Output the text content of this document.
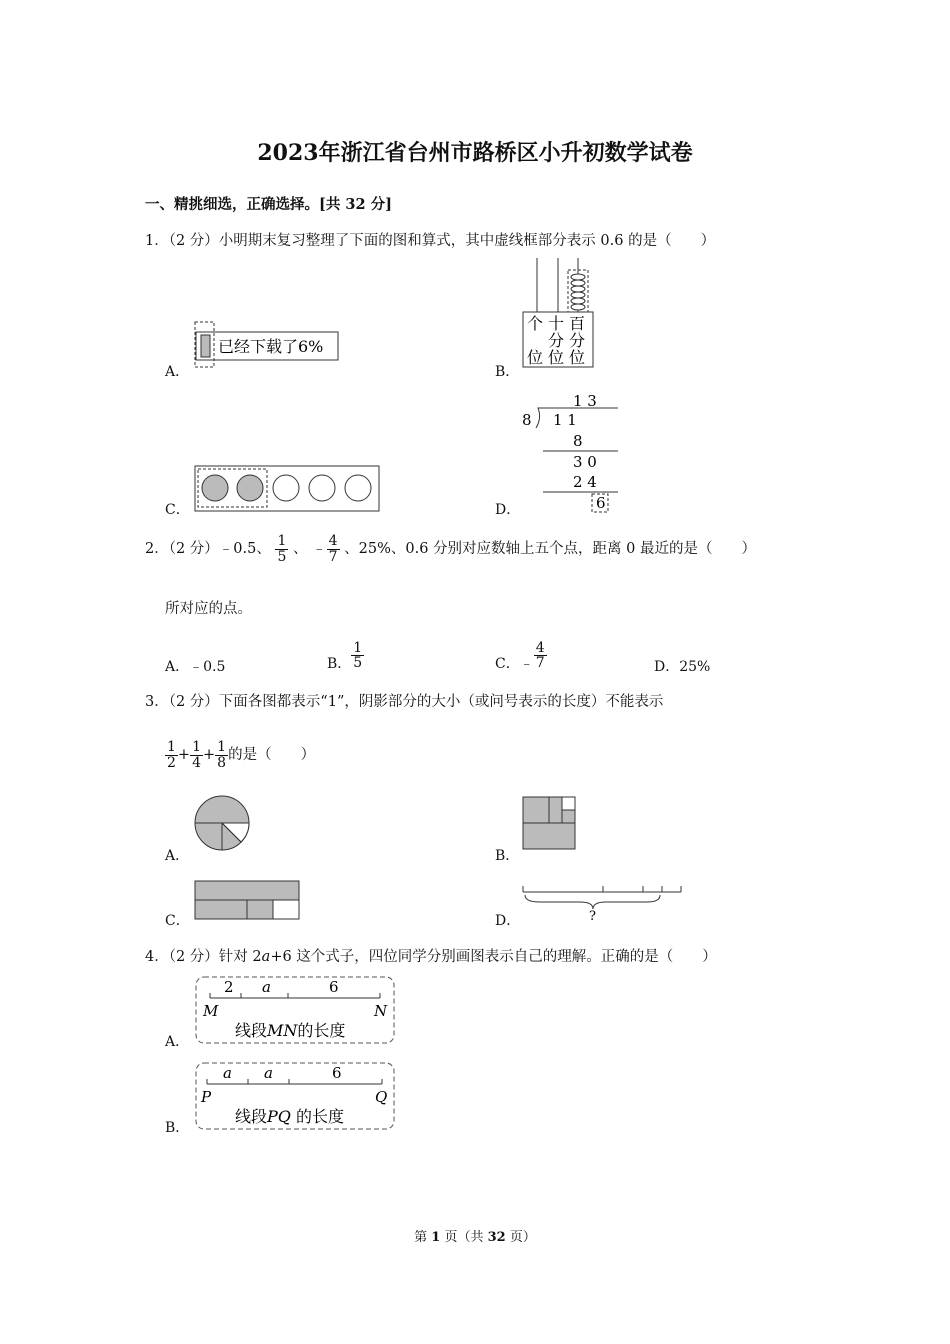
2023年浙江省台州市路桥区小升初数学试卷
一、精挑细选，正确选择。[共 32 分]
1．（2 分）小明期末复习整理了下面的图和算式，其中虚线框部分表示 0.6 的是（　　）
A．
已经下载了6%
B．
个
位
十
分
位
百
分
位
C．	D．
8
1 3
1 1
8
3 0
2 4
6
2．（2 分）﹣0.5、 $\frac{1}{5}$ 、 ﹣ $\frac{4}{7}$ 、25%、0.6 分别对应数轴上五个点，距离 0 最近的是（　　）
所对应的点。
A．﹣0.5	B． $\frac{1}{5}$	C．﹣ $\frac{4}{7}$	D．25%
3．（2 分）下面各图都表示“1”，阴影部分的大小（或问号表示的长度）不能表示
$\frac{1}{2} + \frac{1}{4} + \frac{1}{8}$ 的是（　　）
A．	B．
C．	D．	?
4．（2 分）针对 2a+6 这个式子，四位同学分别画图表示自己的理解。正确的是（　　）
A．
2 a	6
M	N
线段MN的长度
B．
a a	6
P	Q
线段PQ 的长度
第 1 页（共 32 页）
